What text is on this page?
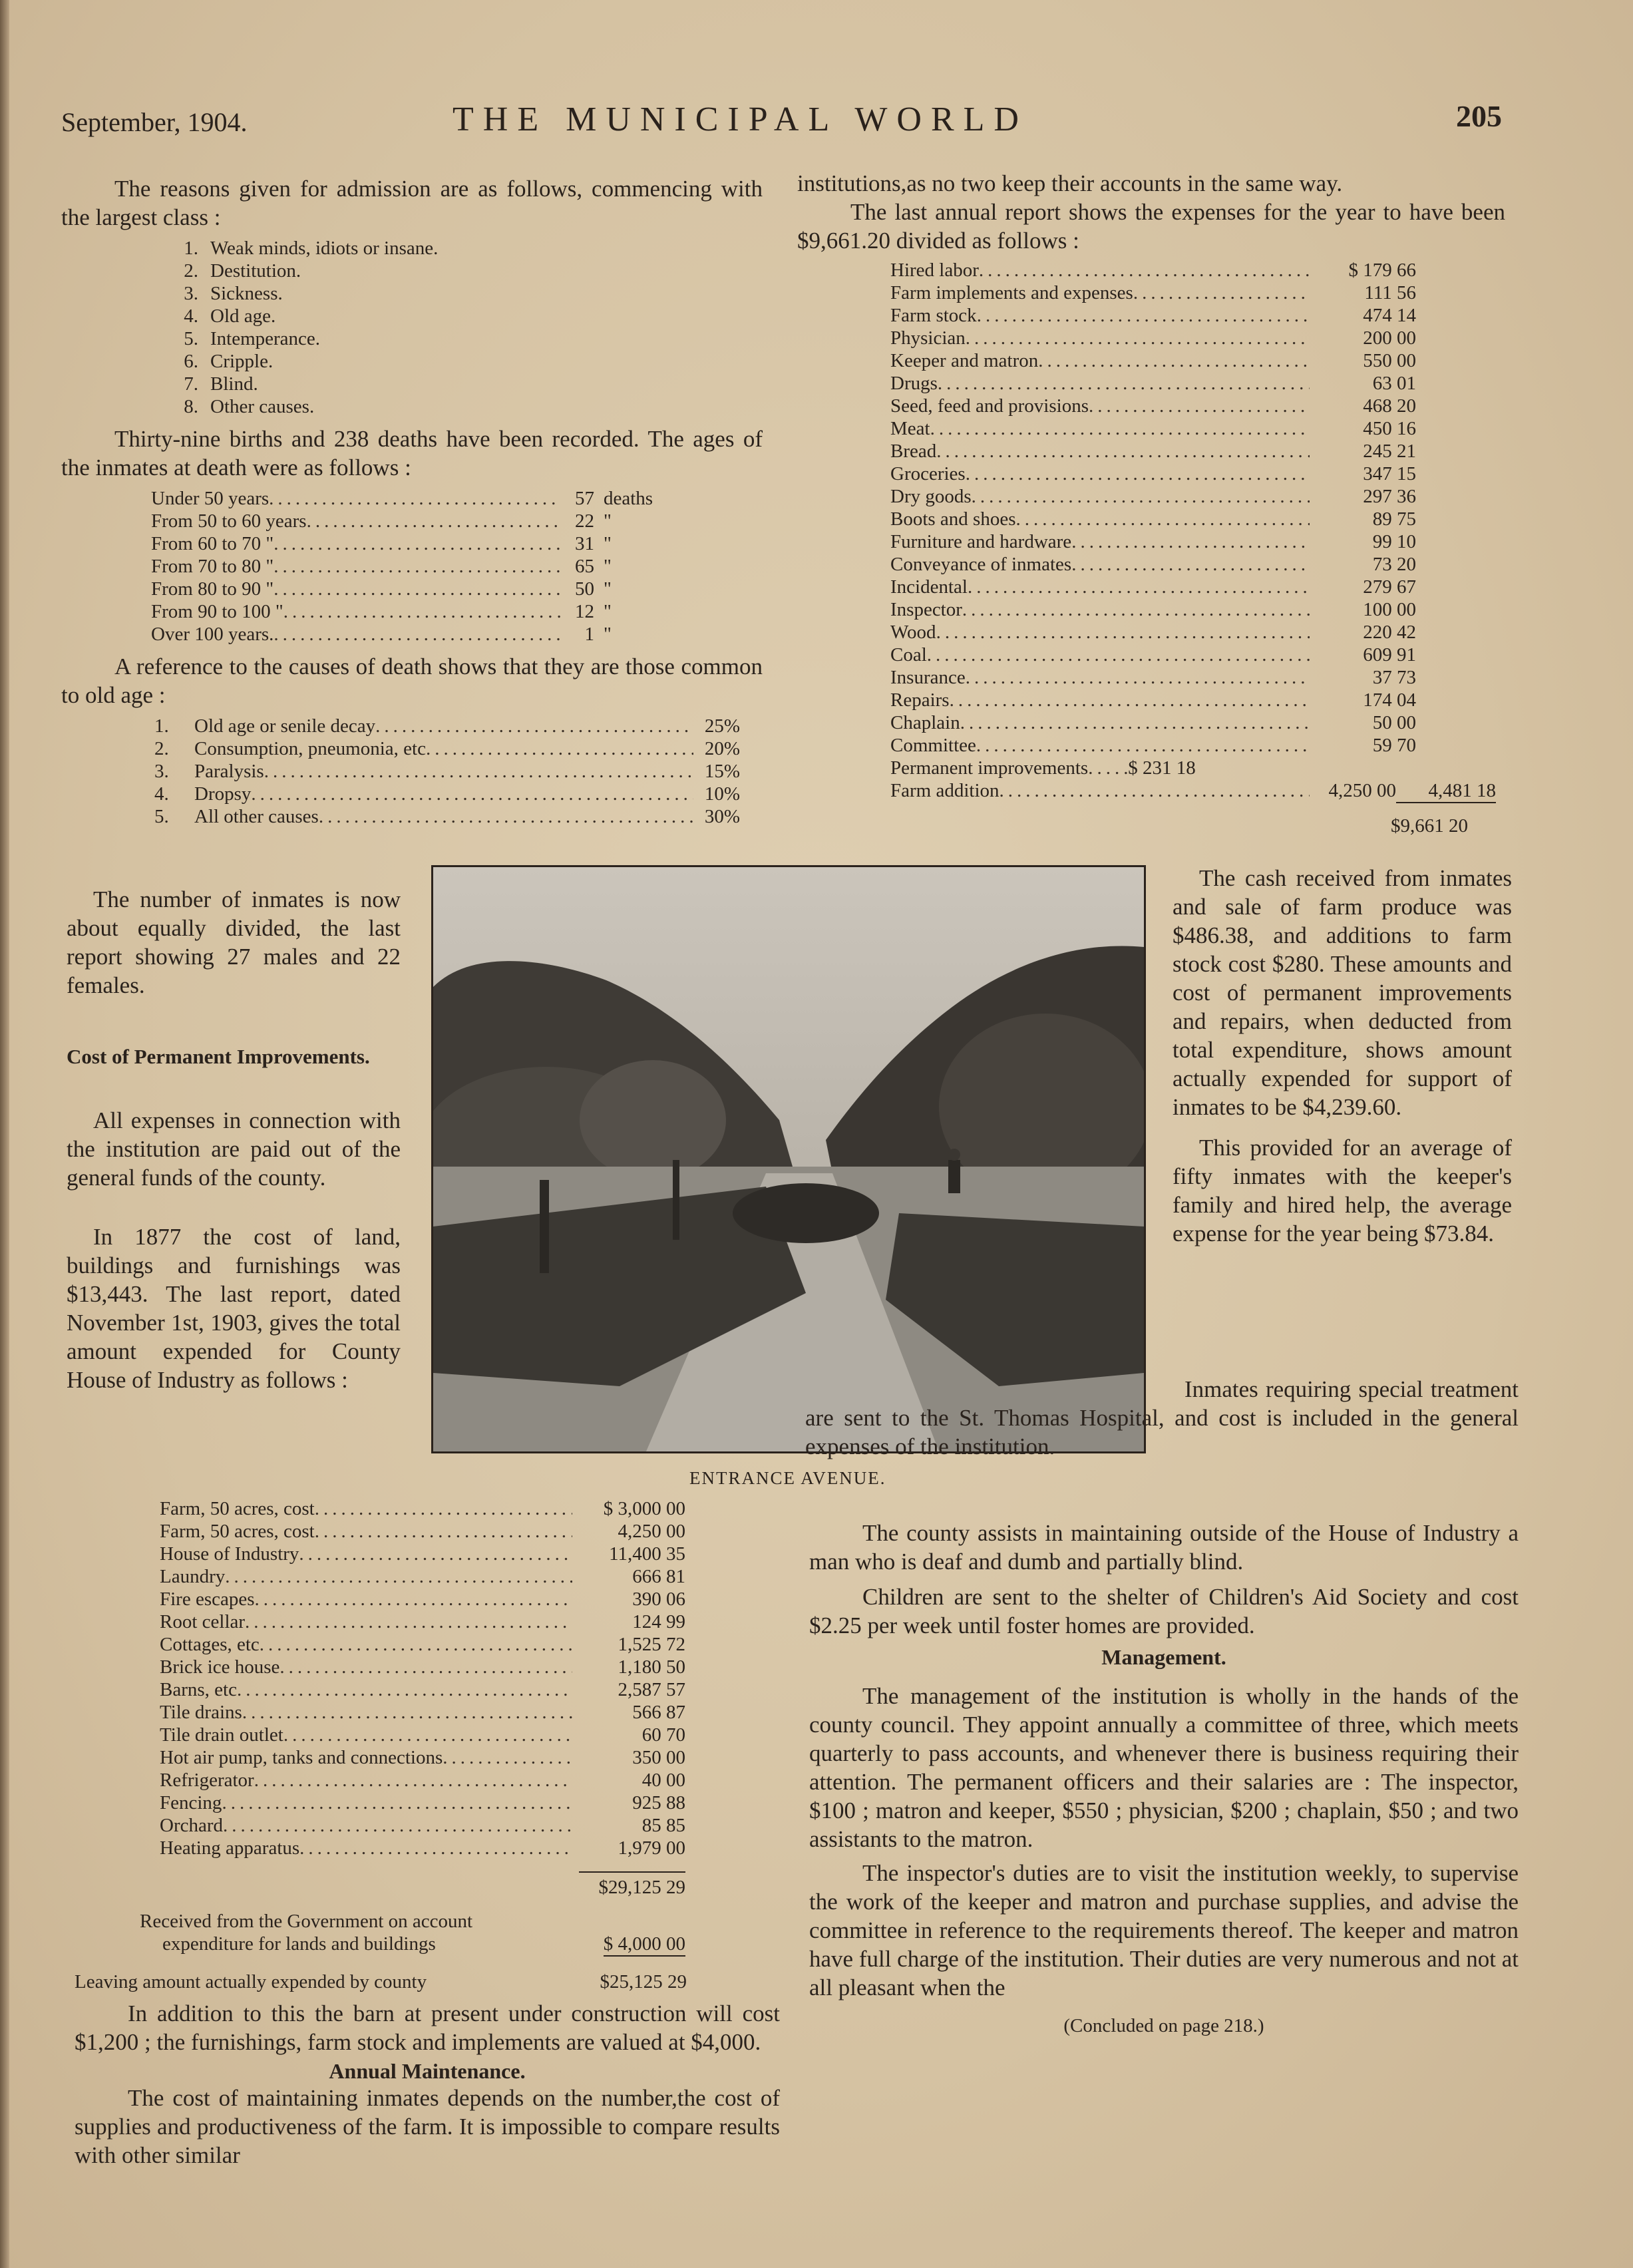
September, 1904.	THE MUNICIPAL WORLD	205

The reasons given for admission are as follows, commencing with the largest class :

1. Weak minds, idiots or insane.
2. Destitution.
3. Sickness.
4. Old age.
5. Intemperance.
6. Cripple.
7. Blind.
8. Other causes.

Thirty-nine births and 238 deaths have been recorded. The ages of the inmates at death were as follows :

Under 50 years .....	57 deaths
From 50 to 60 years .....	22 "
From 60 to 70 " .....	31 "
From 70 to 80 " .....	65 "
From 80 to 90 " .....	50 "
From 90 to 100 " .....	12 "
Over 100 years. .....	1 "

A reference to the causes of death shows that they are those common to old age :

1.	Old age or senile decay .....	25%
2.	Consumption, pneumonia, etc .....	20%
3.	Paralysis .....	15%
4.	Dropsy .....	10%
5.	All other causes .....	30%

institutions,as no two keep their accounts in the same way.

The last annual report shows the expenses for the year to have been $9,661.20 divided as follows :

Hired labor .....	$ 179 66
Farm implements and expenses .....	111 56
Farm stock .....	474 14
Physician .....	200 00
Keeper and matron .....	550 00
Drugs .....	63 01
Seed, feed and provisions .....	468 20
Meat .....	450 16
Bread .....	245 21
Groceries .....	347 15
Dry goods .....	297 36
Boots and shoes .....	89 75
Furniture and hardware .....	99 10
Conveyance of inmates .....	73 20
Incidental .....	279 67
Inspector .....	100 00
Wood .....	220 42
Coal .....	609 91
Insurance .....	37 73
Repairs .....	174 04
Chaplain .....	50 00
Committee .....	59 70
Permanent improvements ..... $ 231 18
Farm addition .....	4,250 00	4,481 18
$9,661 20

The number of inmates is now about equally divided, the last report showing 27 males and 22 females.

Cost of Permanent Improvements.

All expenses in connection with the institution are paid out of the general funds of the county.

In 1877 the cost of land, buildings and furnishings was $13,443. The last report, dated November 1st, 1903, gives the total amount expended for County House of Industry as follows :

ENTRANCE AVENUE.

The cash received from inmates and sale of farm produce was $486.38, and additions to farm stock cost $280. These amounts and cost of permanent improvements and repairs, when deducted from total expenditure, shows amount actually expended for support of inmates to be $4,239.60.

This provided for an average of fifty inmates with the keeper's family and hired help, the average expense for the year being $73.84.

Inmates requiring special treatment are sent to the St. Thomas Hospital, and cost is included in the general expenses of the institution.

Farm, 50 acres, cost .....	$ 3,000 00
Farm, 50 acres, cost .....	4,250 00
House of Industry .....	11,400 35
Laundry .....	666 81
Fire escapes .....	390 06
Root cellar .....	124 99
Cottages, etc .....	1,525 72
Brick ice house .....	1,180 50
Barns, etc .....	2,587 57
Tile drains .....	566 87
Tile drain outlet .....	60 70
Hot air pump, tanks and connections .....	350 00
Refrigerator .....	40 00
Fencing .....	925 88
Orchard .....	85 85
Heating apparatus .....	1,979 00
$29,125 29
Received from the Government on account
expenditure for lands and buildings	$ 4,000 00
Leaving amount actually expended by county	$25,125 29

In addition to this the barn at present under construction will cost $1,200 ; the furnishings, farm stock and implements are valued at $4,000.

Annual Maintenance.

The cost of maintaining inmates depends on the number,the cost of supplies and productiveness of the farm. It is impossible to compare results with other similar

The county assists in maintaining outside of the House of Industry a man who is deaf and dumb and partially blind.

Children are sent to the shelter of Children's Aid Society and cost $2.25 per week until foster homes are provided.

Management.

The management of the institution is wholly in the hands of the county council. They appoint annually a committee of three, which meets quarterly to pass accounts, and whenever there is business requiring their attention. The permanent officers and their salaries are : The inspector, $100 ; matron and keeper, $550 ; physician, $200 ; chaplain, $50 ; and two assistants to the matron.

The inspector's duties are to visit the institution weekly, to supervise the work of the keeper and matron and purchase supplies, and advise the committee in reference to the requirements thereof. The keeper and matron have full charge of the institution. Their duties are very numerous and not at all pleasant when the

(Concluded on page 218.)
